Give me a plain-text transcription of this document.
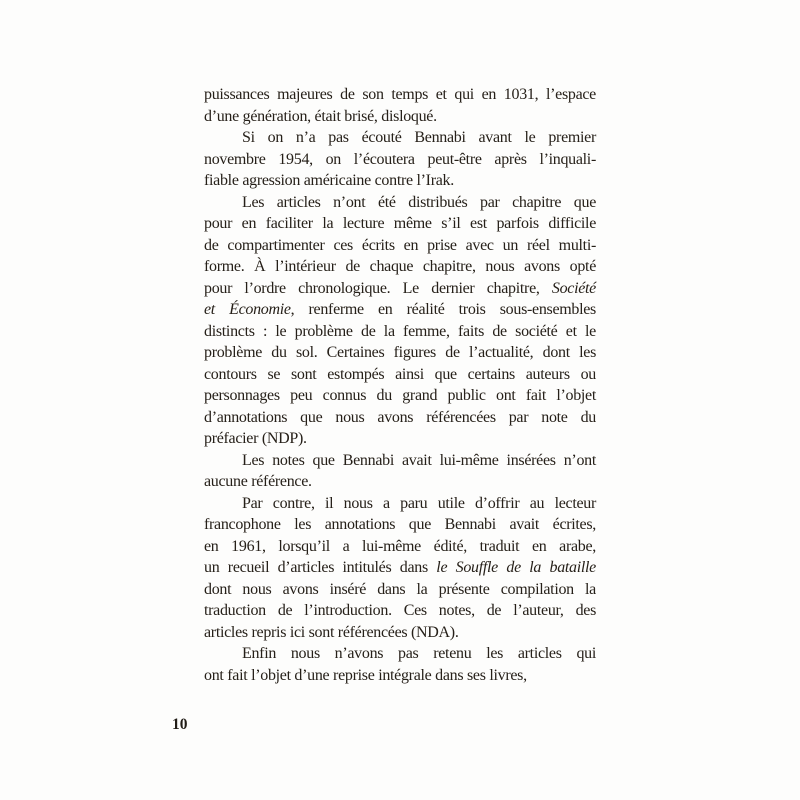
puissances majeures de son temps et qui en 1031, l’espace
d’une génération, était brisé, disloqué.
Si on n’a pas écouté Bennabi avant le premier
novembre 1954, on l’écoutera peut-être après l’inquali-
fiable agression américaine contre l’Irak.
Les articles n’ont été distribués par chapitre que
pour en faciliter la lecture même s’il est parfois difficile
de compartimenter ces écrits en prise avec un réel multi-
forme. À l’intérieur de chaque chapitre, nous avons opté
pour l’ordre chronologique. Le dernier chapitre, Société
et Économie, renferme en réalité trois sous-ensembles
distincts : le problème de la femme, faits de société et le
problème du sol. Certaines figures de l’actualité, dont les
contours se sont estompés ainsi que certains auteurs ou
personnages peu connus du grand public ont fait l’objet
d’annotations que nous avons référencées par note du
préfacier (NDP).
Les notes que Bennabi avait lui-même insérées n’ont
aucune référence.
Par contre, il nous a paru utile d’offrir au lecteur
francophone les annotations que Bennabi avait écrites,
en 1961, lorsqu’il a lui-même édité, traduit en arabe,
un recueil d’articles intitulés dans le Souffle de la bataille
dont nous avons inséré dans la présente compilation la
traduction de l’introduction. Ces notes, de l’auteur, des
articles repris ici sont référencées (NDA).
Enfin nous n’avons pas retenu les articles qui
ont fait l’objet d’une reprise intégrale dans ses livres,
10
